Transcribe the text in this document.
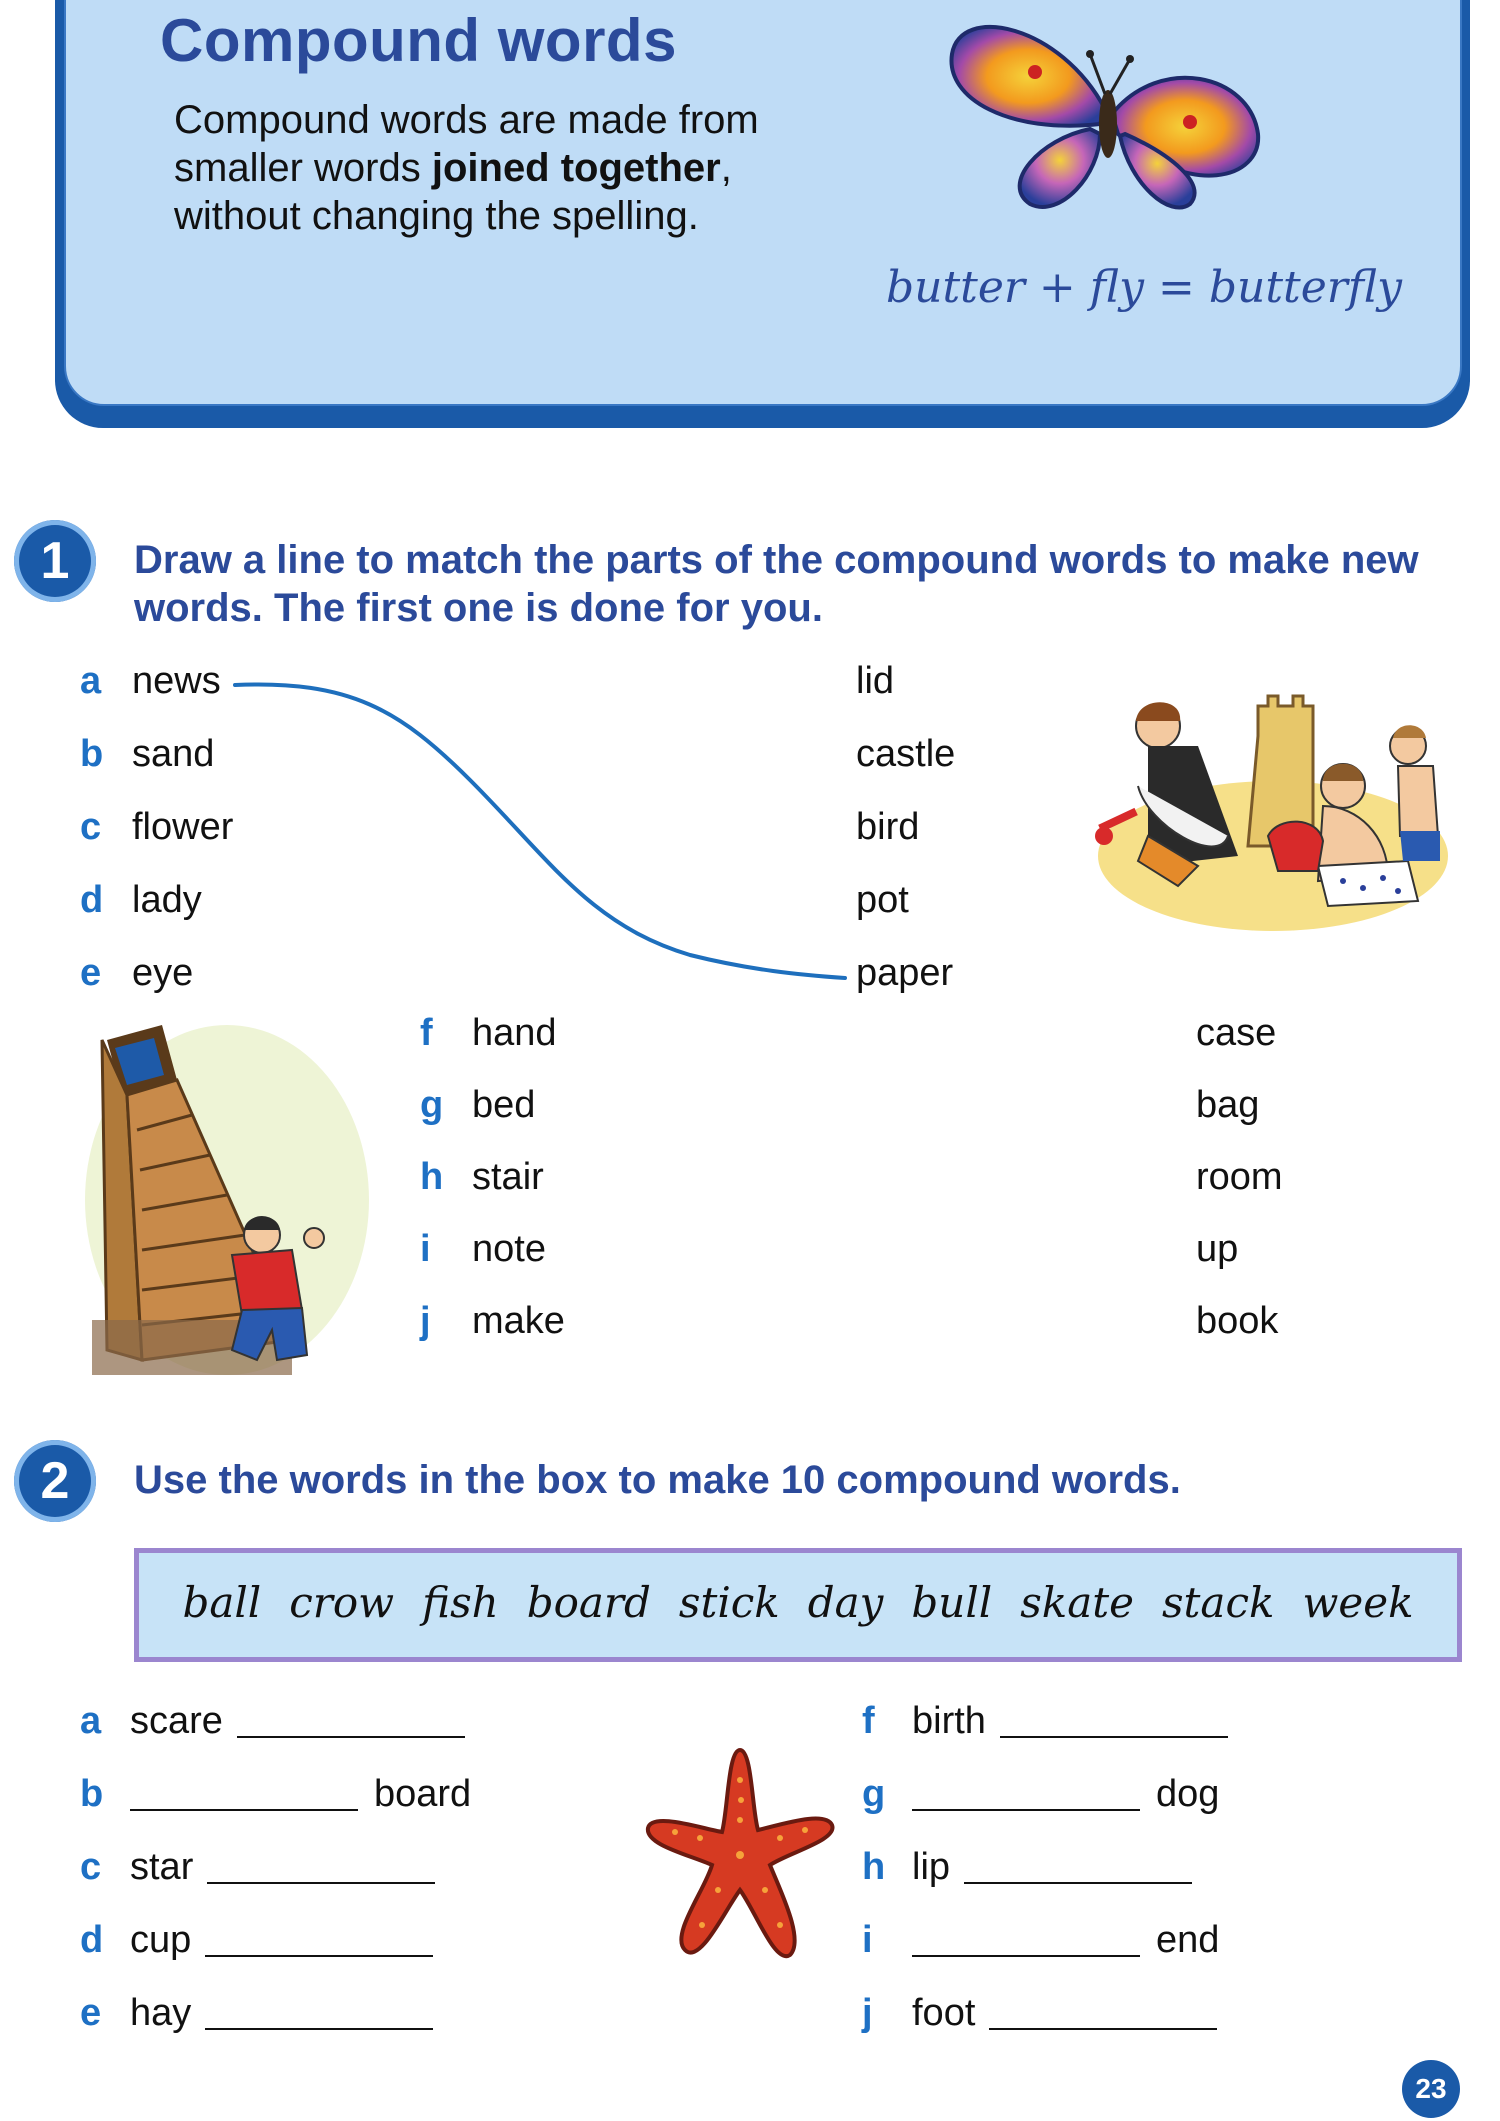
Compound words
Compound words are made from
smaller words joined together,
without changing the spelling.
butter + fly = butterfly
1	Draw a line to match the parts of the compound words to make new
words. The first one is done for you.
a news
b sand
c flower
d lady
e eye
lid
castle
bird
pot
paper
f	hand
g bed
h stair
i	note
j	make
case
bag
room
up
book
2	Use the words in the box to make 10 compound words.
ball crow fish board stick day bull skate stack week
a scare
b	board
c star
d cup
e hay
f birth
g	dog
h lip
i	end
j	foot
23
